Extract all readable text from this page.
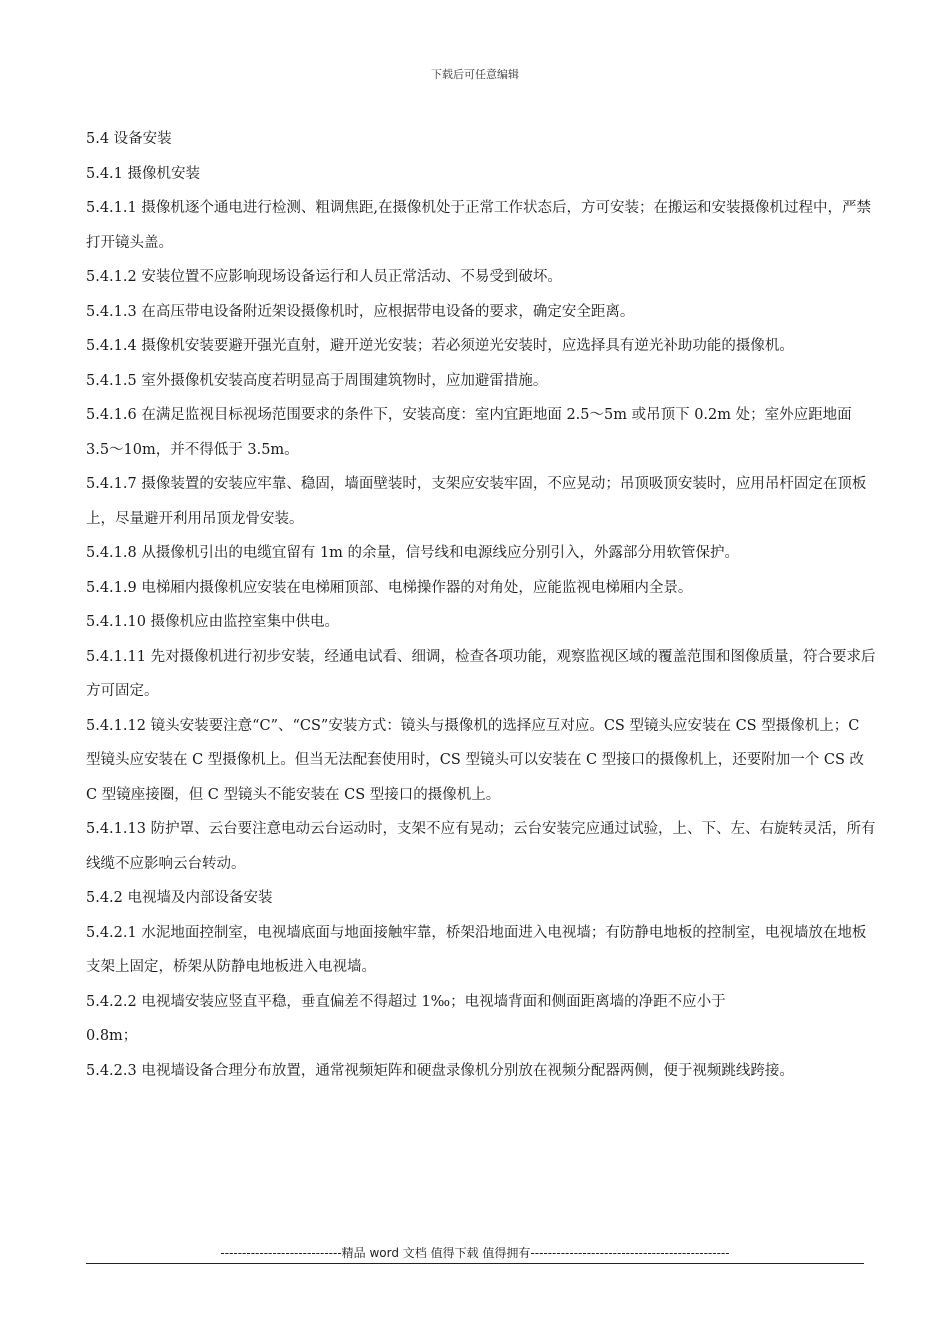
下载后可任意编辑

5.4 设备安装

5.4.1 摄像机安装

5.4.1.1 摄像机逐个通电进行检测、粗调焦距,在摄像机处于正常工作状态后，方可安装；在搬运和安装摄像机过程中，严禁打开镜头盖。

5.4.1.2 安装位置不应影响现场设备运行和人员正常活动、不易受到破坏。

5.4.1.3 在高压带电设备附近架设摄像机时，应根据带电设备的要求，确定安全距离。

5.4.1.4 摄像机安装要避开强光直射，避开逆光安装；若必须逆光安装时，应选择具有逆光补助功能的摄像机。

5.4.1.5 室外摄像机安装高度若明显高于周围建筑物时，应加避雷措施。

5.4.1.6 在满足监视目标视场范围要求的条件下，安装高度：室内宜距地面 2.5～5m 或吊顶下 0.2m 处；室外应距地面 3.5～10m，并不得低于 3.5m。

5.4.1.7 摄像装置的安装应牢靠、稳固，墙面壁装时，支架应安装牢固，不应晃动；吊顶吸顶安装时，应用吊杆固定在顶板上，尽量避开利用吊顶龙骨安装。

5.4.1.8 从摄像机引出的电缆宜留有 1m 的余量，信号线和电源线应分别引入，外露部分用软管保护。

5.4.1.9 电梯厢内摄像机应安装在电梯厢顶部、电梯操作器的对角处，应能监视电梯厢内全景。

5.4.1.10 摄像机应由监控室集中供电。

5.4.1.11 先对摄像机进行初步安装，经通电试看、细调，检查各项功能，观察监视区域的覆盖范围和图像质量，符合要求后方可固定。

5.4.1.12 镜头安装要注意“C”、“CS”安装方式：镜头与摄像机的选择应互对应。CS 型镜头应安装在 CS 型摄像机上；C 型镜头应安装在 C 型摄像机上。但当无法配套使用时，CS 型镜头可以安装在 C 型接口的摄像机上，还要附加一个 CS 改 C 型镜座接圈，但 C 型镜头不能安装在 CS 型接口的摄像机上。

5.4.1.13 防护罩、云台要注意电动云台运动时，支架不应有晃动；云台安装完应通过试验，上、下、左、右旋转灵活，所有线缆不应影响云台转动。

5.4.2 电视墙及内部设备安装

5.4.2.1 水泥地面控制室，电视墙底面与地面接触牢靠，桥架沿地面进入电视墙；有防静电地板的控制室，电视墙放在地板支架上固定，桥架从防静电地板进入电视墙。

5.4.2.2 电视墙安装应竖直平稳，垂直偏差不得超过 1‰；电视墙背面和侧面距离墙的净距不应小于

0.8m；

5.4.2.3 电视墙设备合理分布放置，通常视频矩阵和硬盘录像机分别放在视频分配器两侧，便于视频跳线跨接。

----------------------------精品 word 文档 值得下载 值得拥有----------------------------------------------
